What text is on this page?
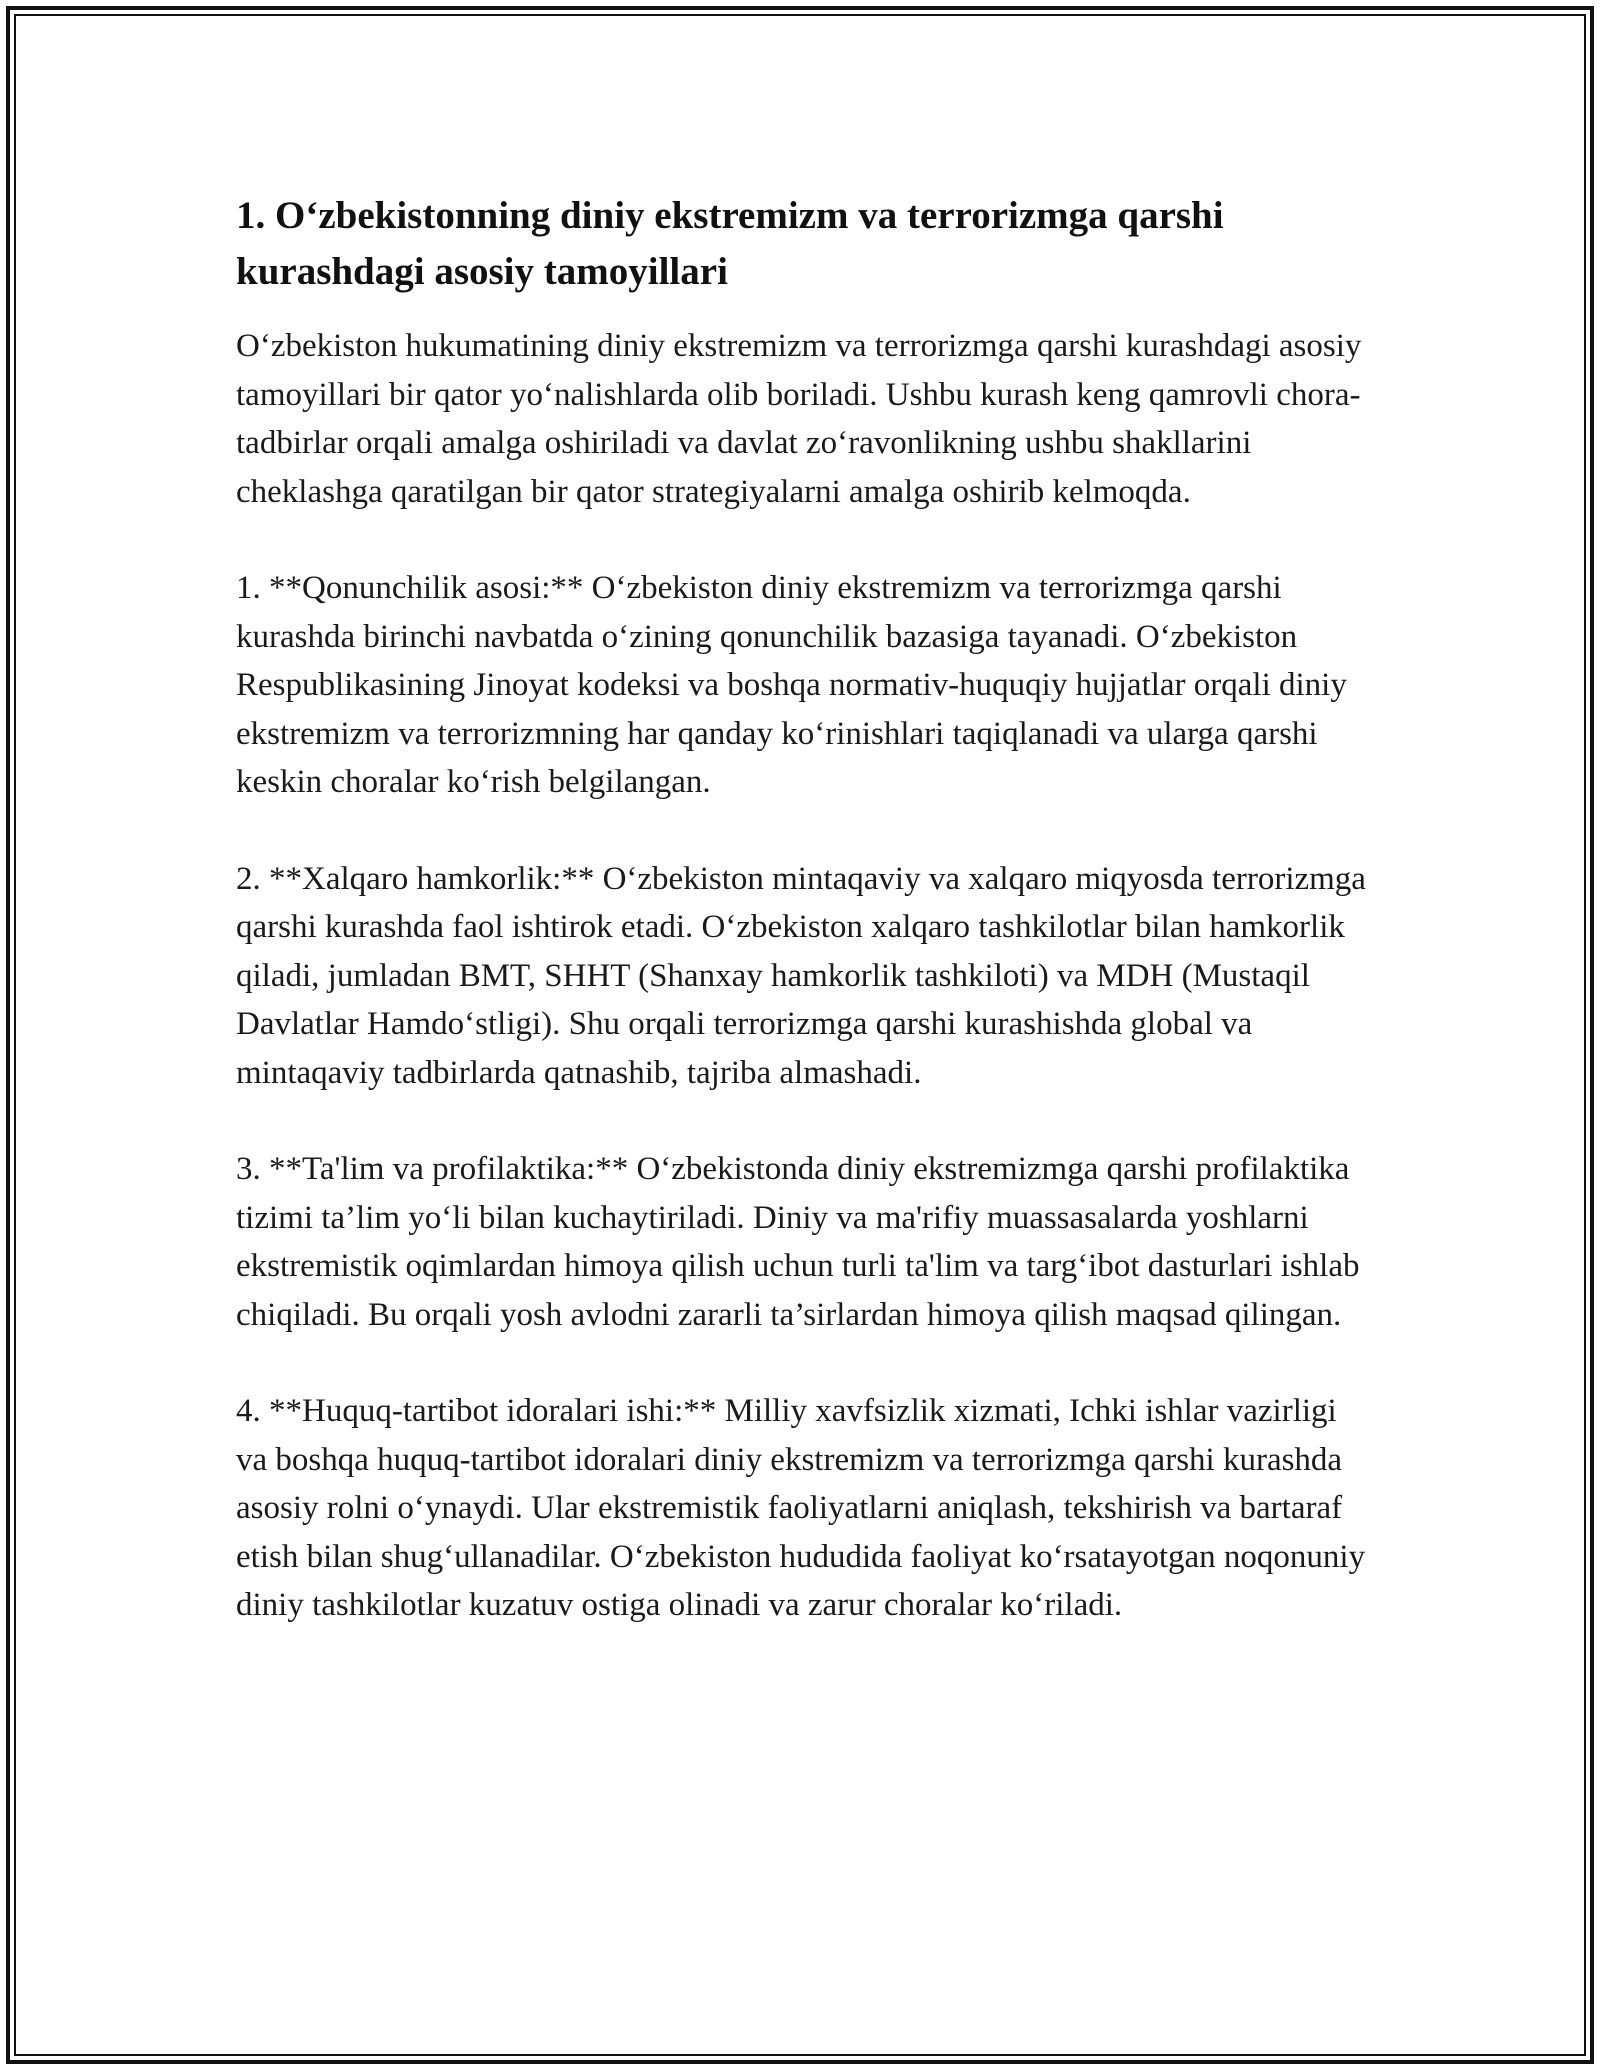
1. O‘zbekistonning diniy ekstremizm va terrorizmga qarshi kurashdagi asosiy tamoyillari

O‘zbekiston hukumatining diniy ekstremizm va terrorizmga qarshi kurashdagi asosiy tamoyillari bir qator yo‘nalishlarda olib boriladi. Ushbu kurash keng qamrovli chora-tadbirlar orqali amalga oshiriladi va davlat zo‘ravonlikning ushbu shakllarini cheklashga qaratilgan bir qator strategiyalarni amalga oshirib kelmoqda.

1. **Qonunchilik asosi:** O‘zbekiston diniy ekstremizm va terrorizmga qarshi kurashda birinchi navbatda o‘zining qonunchilik bazasiga tayanadi. O‘zbekiston Respublikasining Jinoyat kodeksi va boshqa normativ-huquqiy hujjatlar orqali diniy ekstremizm va terrorizmning har qanday ko‘rinishlari taqiqlanadi va ularga qarshi keskin choralar ko‘rish belgilangan.

2. **Xalqaro hamkorlik:** O‘zbekiston mintaqaviy va xalqaro miqyosda terrorizmga qarshi kurashda faol ishtirok etadi. O‘zbekiston xalqaro tashkilotlar bilan hamkorlik qiladi, jumladan BMT, SHHT (Shanxay hamkorlik tashkiloti) va MDH (Mustaqil Davlatlar Hamdo‘stligi). Shu orqali terrorizmga qarshi kurashishda global va mintaqaviy tadbirlarda qatnashib, tajriba almashadi.

3. **Ta'lim va profilaktika:** O‘zbekistonda diniy ekstremizmga qarshi profilaktika tizimi ta’lim yo‘li bilan kuchaytiriladi. Diniy va ma'rifiy muassasalarda yoshlarni ekstremistik oqimlardan himoya qilish uchun turli ta'lim va targ‘ibot dasturlari ishlab chiqiladi. Bu orqali yosh avlodni zararli ta’sirlardan himoya qilish maqsad qilingan.

4. **Huquq-tartibot idoralari ishi:** Milliy xavfsizlik xizmati, Ichki ishlar vazirligi va boshqa huquq-tartibot idoralari diniy ekstremizm va terrorizmga qarshi kurashda asosiy rolni o‘ynaydi. Ular ekstremistik faoliyatlarni aniqlash, tekshirish va bartaraf etish bilan shug‘ullanadilar. O‘zbekiston hududida faoliyat ko‘rsatayotgan noqonuniy diniy tashkilotlar kuzatuv ostiga olinadi va zarur choralar ko‘riladi.
